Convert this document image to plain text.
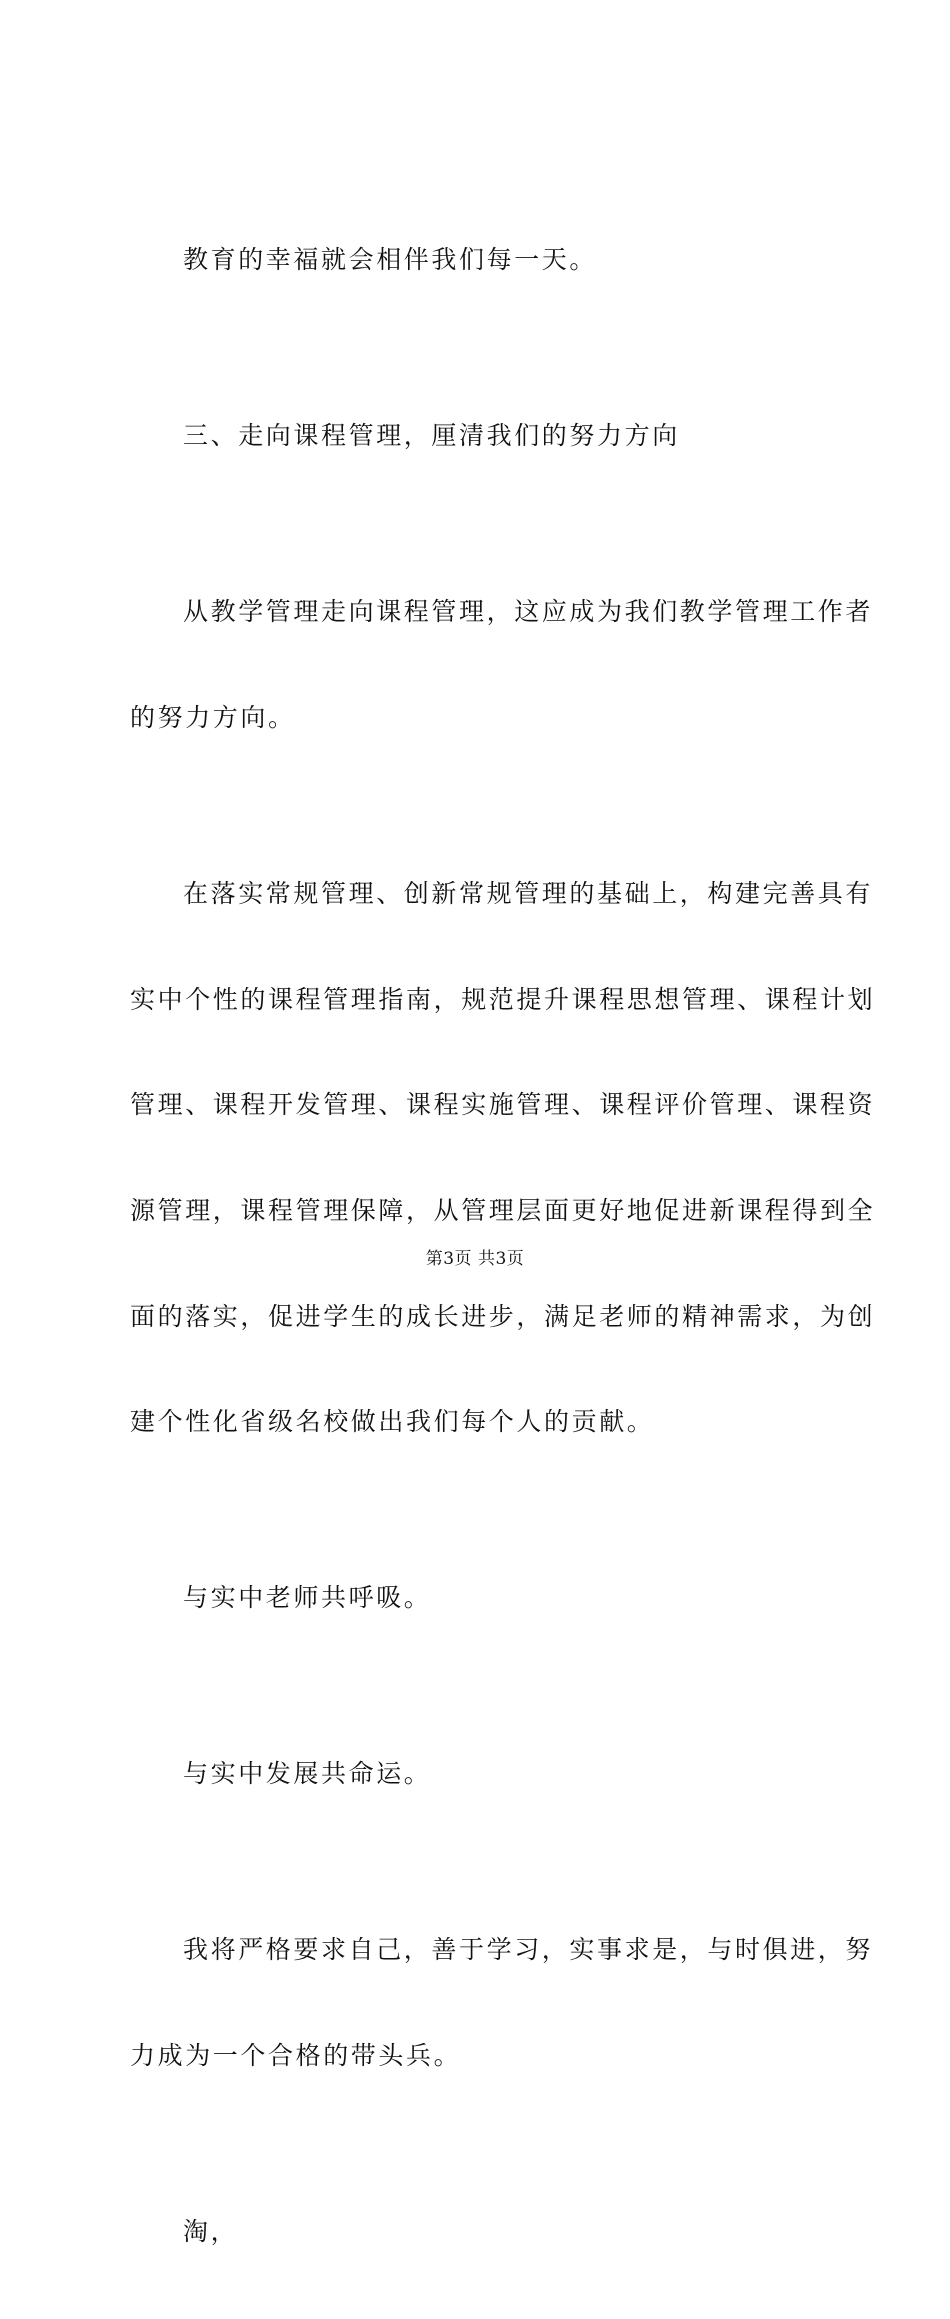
教育的幸福就会相伴我们每一天。

三、走向课程管理，厘清我们的努力方向

从教学管理走向课程管理，这应成为我们教学管理工作者

的努力方向。

在落实常规管理、创新常规管理的基础上，构建完善具有

实中个性的课程管理指南，规范提升课程思想管理、课程计划

管理、课程开发管理、课程实施管理、课程评价管理、课程资

源管理，课程管理保障，从管理层面更好地促进新课程得到全

面的落实，促进学生的成长进步，满足老师的精神需求，为创

建个性化省级名校做出我们每个人的贡献。

与实中老师共呼吸。

与实中发展共命运。

我将严格要求自己，善于学习，实事求是，与时俱进，努

力成为一个合格的带头兵。

淘，

第3页 共3页
